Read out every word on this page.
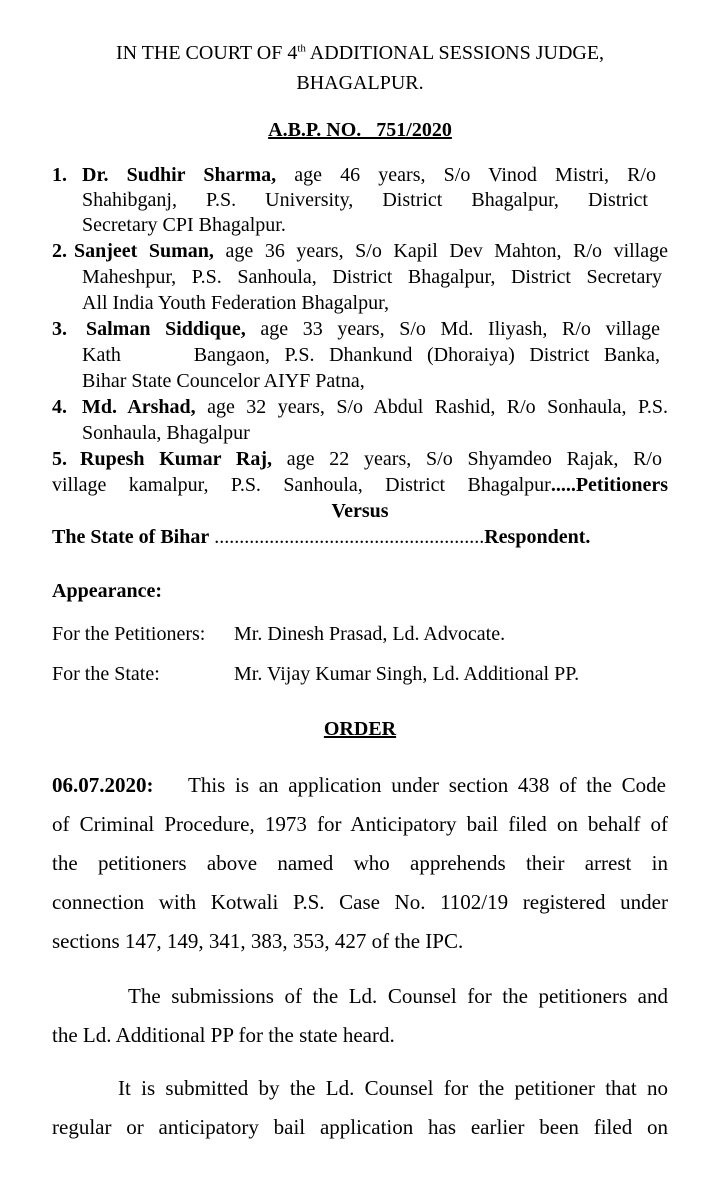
IN THE COURT OF 4th ADDITIONAL SESSIONS JUDGE,
BHAGALPUR.
A.B.P. NO.   751/2020
1. Dr. Sudhir Sharma, age 46 years, S/o Vinod Mistri, R/o
Shahibganj, P.S. University, District Bhagalpur, District
Secretary CPI Bhagalpur.
2. Sanjeet Suman, age 36 years, S/o Kapil Dev Mahton, R/o village
Maheshpur, P.S. Sanhoula, District Bhagalpur, District Secretary
All India Youth Federation Bhagalpur,
3. Salman Siddique, age 33 years, S/o Md. Iliyash, R/o village
Kath     Bangaon, P.S. Dhankund (Dhoraiya) District Banka,
Bihar State Councelor AIYF Patna,
4. Md. Arshad, age 32 years, S/o Abdul Rashid, R/o Sonhaula, P.S.
Sonhaula, Bhagalpur
5. Rupesh Kumar Raj, age 22 years, S/o Shyamdeo Rajak, R/o
village kamalpur, P.S. Sanhoula, District Bhagalpur.....Petitioners
Versus
The State of Bihar ......................................................Respondent.
Appearance:
For the Petitioners: Mr. Dinesh Prasad, Ld. Advocate.
For the State:	Mr. Vijay Kumar Singh, Ld. Additional PP.
ORDER
06.07.2020: This is an application under section 438 of the Code
of Criminal Procedure, 1973 for Anticipatory bail filed on behalf of
the petitioners above named who apprehends their arrest in
connection with Kotwali P.S. Case No. 1102/19 registered under
sections 147, 149, 341, 383, 353, 427 of the IPC.
The submissions of the Ld. Counsel for the petitioners and
the Ld. Additional PP for the state heard.
It is submitted by the Ld. Counsel for the petitioner that no
regular or anticipatory bail application has earlier been filed on
